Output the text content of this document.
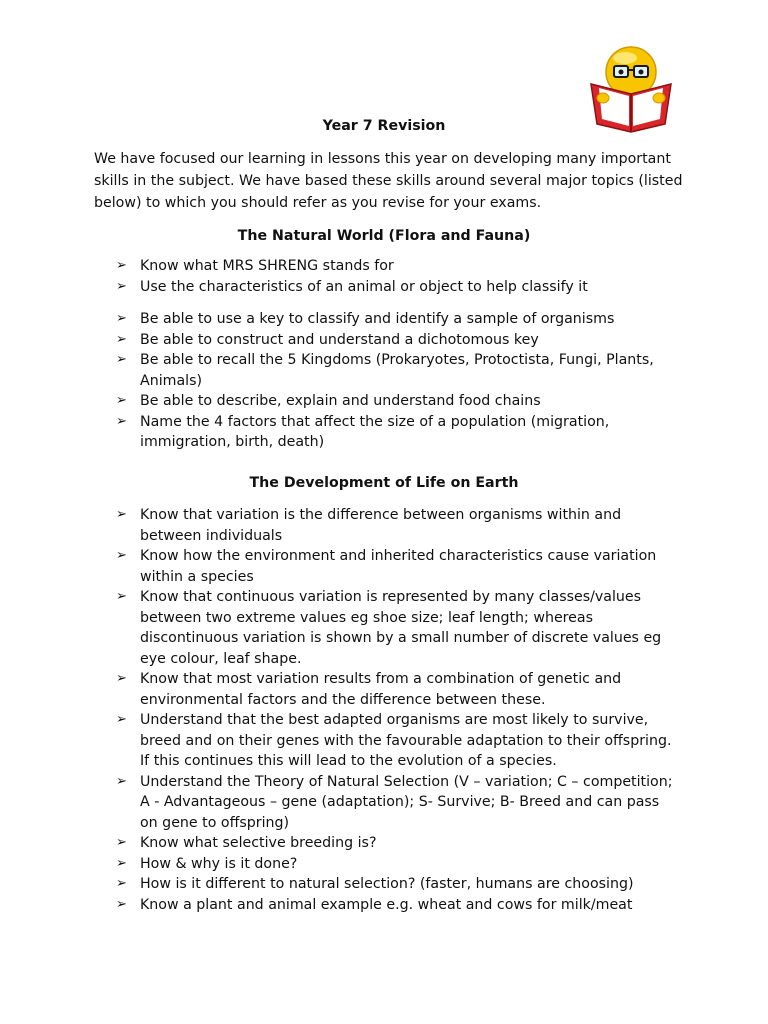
Year 7 Revision
We have focused our learning in lessons this year on developing many important skills in the subject. We have based these skills around several major topics (listed below) to which you should refer as you revise for your exams.
The Natural World (Flora and Fauna)
➢ Know what MRS SHRENG stands for
➢ Use the characteristics of an animal or object to help classify it
➢ Be able to use a key to classify and identify a sample of organisms
➢ Be able to construct and understand a dichotomous key
➢ Be able to recall the 5 Kingdoms (Prokaryotes, Protoctista, Fungi, Plants, Animals)
➢ Be able to describe, explain and understand food chains
➢ Name the 4 factors that affect the size of a population (migration, immigration, birth, death)
The Development of Life on Earth
➢ Know that variation is the difference between organisms within and between individuals
➢ Know how the environment and inherited characteristics cause variation within a species
➢ Know that continuous variation is represented by many classes/values between two extreme values eg shoe size; leaf length; whereas discontinuous variation is shown by a small number of discrete values eg eye colour, leaf shape.
➢ Know that most variation results from a combination of genetic and environmental factors and the difference between these.
➢ Understand that the best adapted organisms are most likely to survive, breed and on their genes with the favourable adaptation to their offspring. If this continues this will lead to the evolution of a species.
➢ Understand the Theory of Natural Selection (V – variation; C – competition; A - Advantageous – gene (adaptation); S- Survive; B- Breed and can pass on gene to offspring)
➢ Know what selective breeding is?
➢ How & why is it done?
➢ How is it different to natural selection? (faster, humans are choosing)
➢ Know a plant and animal example e.g. wheat and cows for milk/meat
